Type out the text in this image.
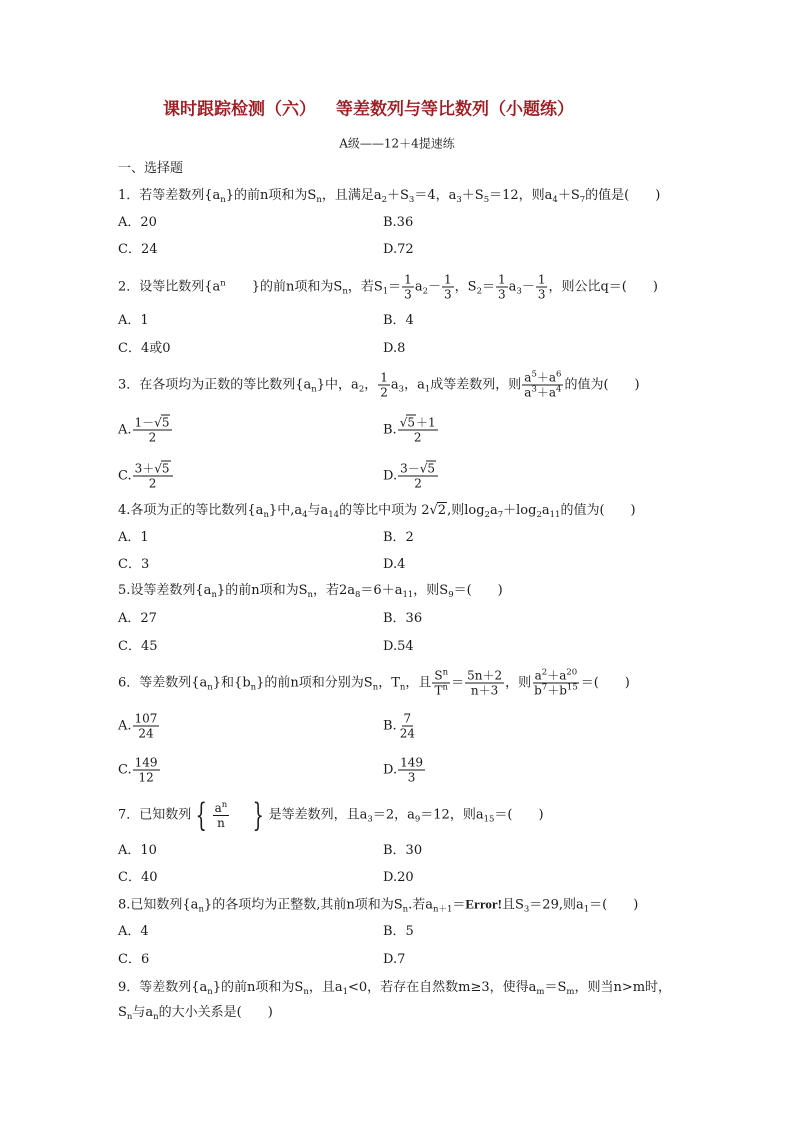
课时跟踪检测（六） 等差数列与等比数列（小题练）
A级——12＋4提速练
一、选择题
1．若等差数列$\{a_n\}$的前n项和为$S_n$，且满足$a_2+S_3=4$，$a_3+S_5=12$，则$a_4+S_7$的值是(　　)
A．20	B.36
C．24	D.72
2．设等比数列{$a^n$　　}的前n项和为$S_n$，若$S_1= \frac{1}{3} a_2- \frac{1}{3}$ ，$S_2= \frac{1}{3} a_3- \frac{1}{3}$ ，则公比q＝(　　)
A．1	B．4
C．4或0	D.8
3．在各项均为正数的等比数列$\{a_n\}$中，$a_2$， $\frac{1}{2} a_3$，$a_1$成等差数列，则 $\frac{a^5+a^6}{a^3+a^4}$ 的值为(　　)
A. $\frac{1-√5}{2}$	B. $\frac{√5+1}{2}$
C. $\frac{3+√5}{2}$	D. $\frac{3-√5}{2}$
4.各项为正的等比数列$\{a_n\}$中$,a_4$与$a_{14}$的等比中项为 2√2,则$\log_2a_7+\log_2a_{11}$的值为(　　)
A．1	B．2
C．3	D.4
5.设等差数列$\{a_n\}$的前n项和为$S_n$，若$2a_8=6+a_{11}$，则$S_9=$(　　)
A．27	B．36
C．45	D.54
6．等差数列$\{a_n\}$和$\{b_n\}$的前n项和分别为$S_n$，$T_n$，且 $\frac{S^n}{T^n} = \frac{5n+2}{n+3}$ ，则 $\frac{a^2+a^{20}}{b^7+b^{15}}$ ＝(　　)
A. $\frac{107}{24}$	B. $\frac{7}{24}$
C. $\frac{149}{12}$	D. $\frac{149}{3}$
7．已知数列 { $\frac{a^n}{n}$ } 是等差数列，且$a_3=2$，$a_9=12$，则$a_{15}=$(　　)
A．10	B．30
C．40	D.20
8.已知数列$\{a_n\}$的各项均为正整数,其前n项和为$S_n$.若$a_{n+1}=Error$!且$S_3=29$,则$a_1=$(　　)
A．4	B．5
C．6	D.7
9．等差数列$\{a_n\}$的前n项和为$S_n$，且$a_1<0$，若存在自然数m≥3，使得$a_m=S_m$，则当n>m时，
$S_n$与$a_n$的大小关系是(　　)
